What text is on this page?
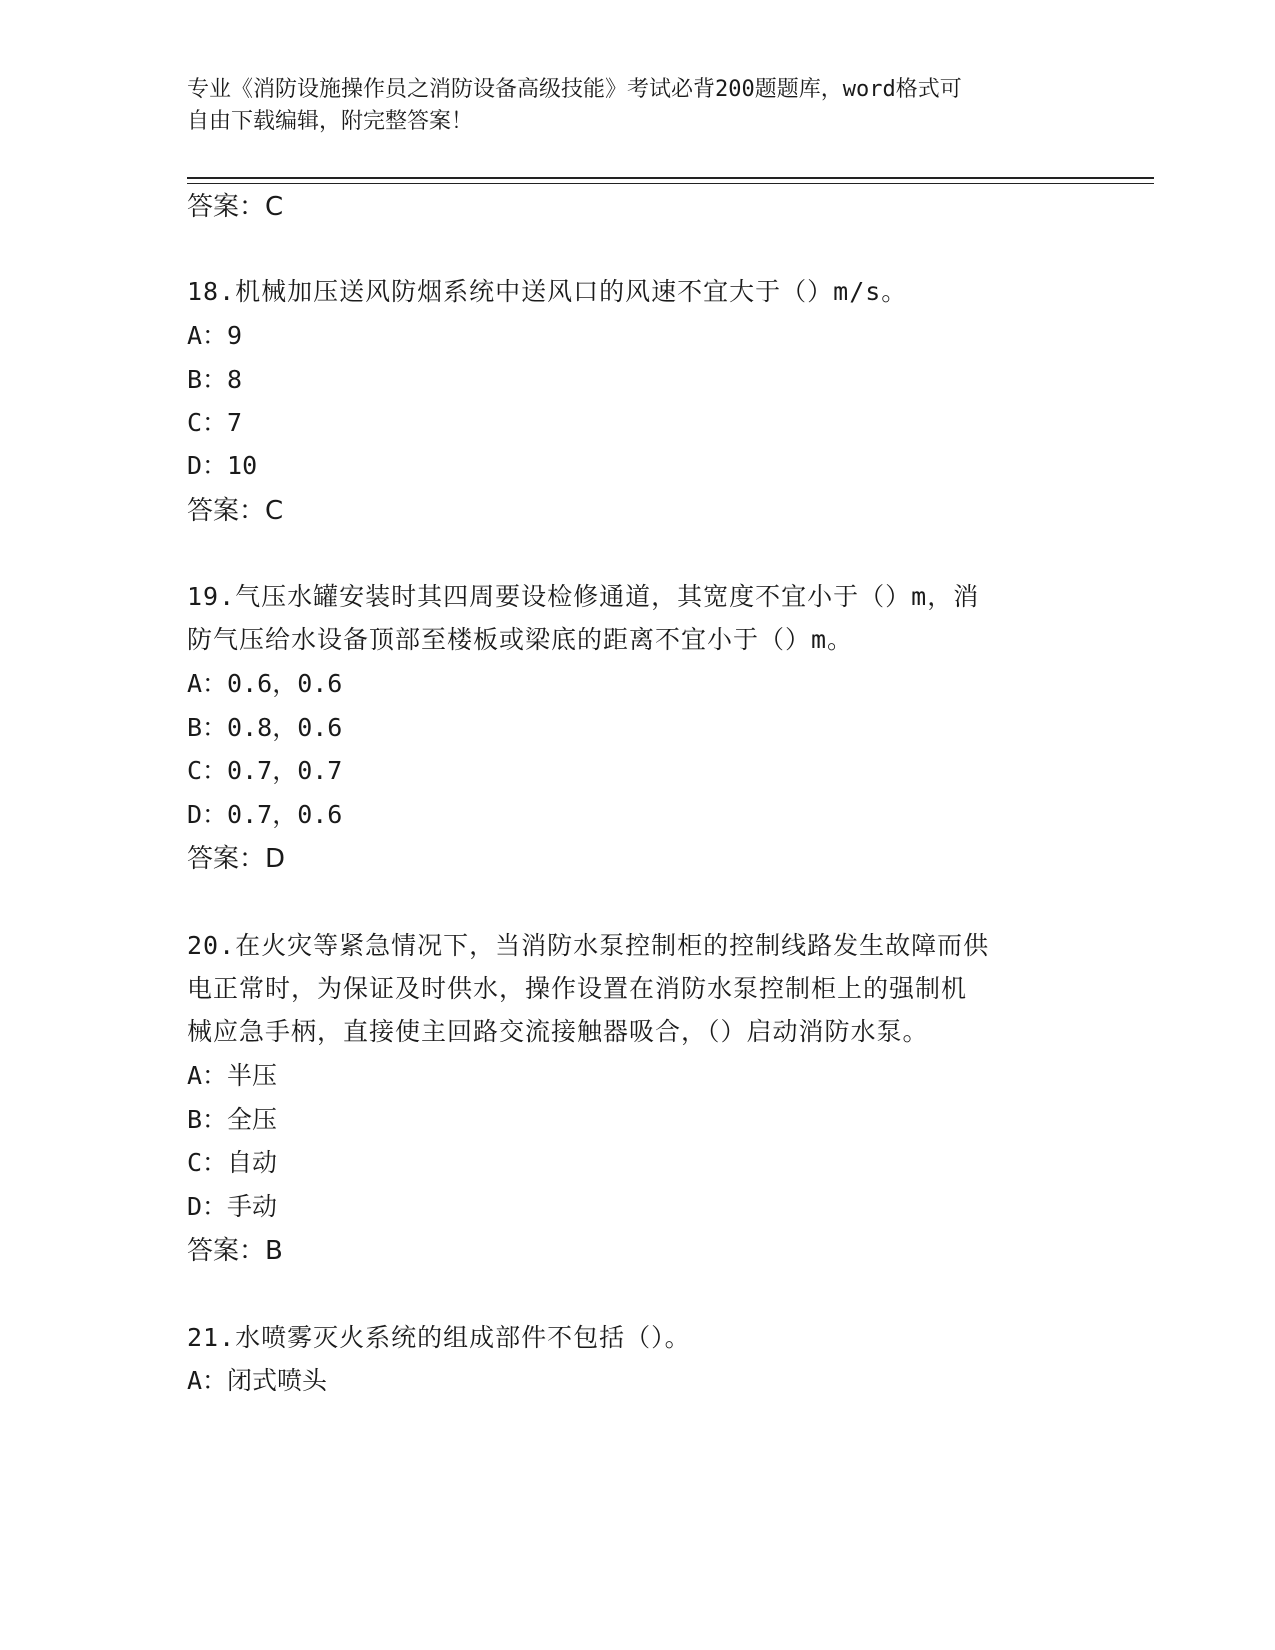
专业《消防设施操作员之消防设备高级技能》考试必背200题题库，word格式可
自由下载编辑，附完整答案！
答案：C
18.机械加压送风防烟系统中送风口的风速不宜大于（）m/s。
A：9
B：8
C：7
D：10
答案：C
19.气压水罐安装时其四周要设检修通道，其宽度不宜小于（）m，消
防气压给水设备顶部至楼板或梁底的距离不宜小于（）m。
A：0.6，0.6
B：0.8，0.6
C：0.7，0.7
D：0.7，0.6
答案：D
20.在火灾等紧急情况下，当消防水泵控制柜的控制线路发生故障而供
电正常时，为保证及时供水，操作设置在消防水泵控制柜上的强制机
械应急手柄，直接使主回路交流接触器吸合，（）启动消防水泵。
A：半压
B：全压
C：自动
D：手动
答案：B
21.水喷雾灭火系统的组成部件不包括（）。
A：闭式喷头
